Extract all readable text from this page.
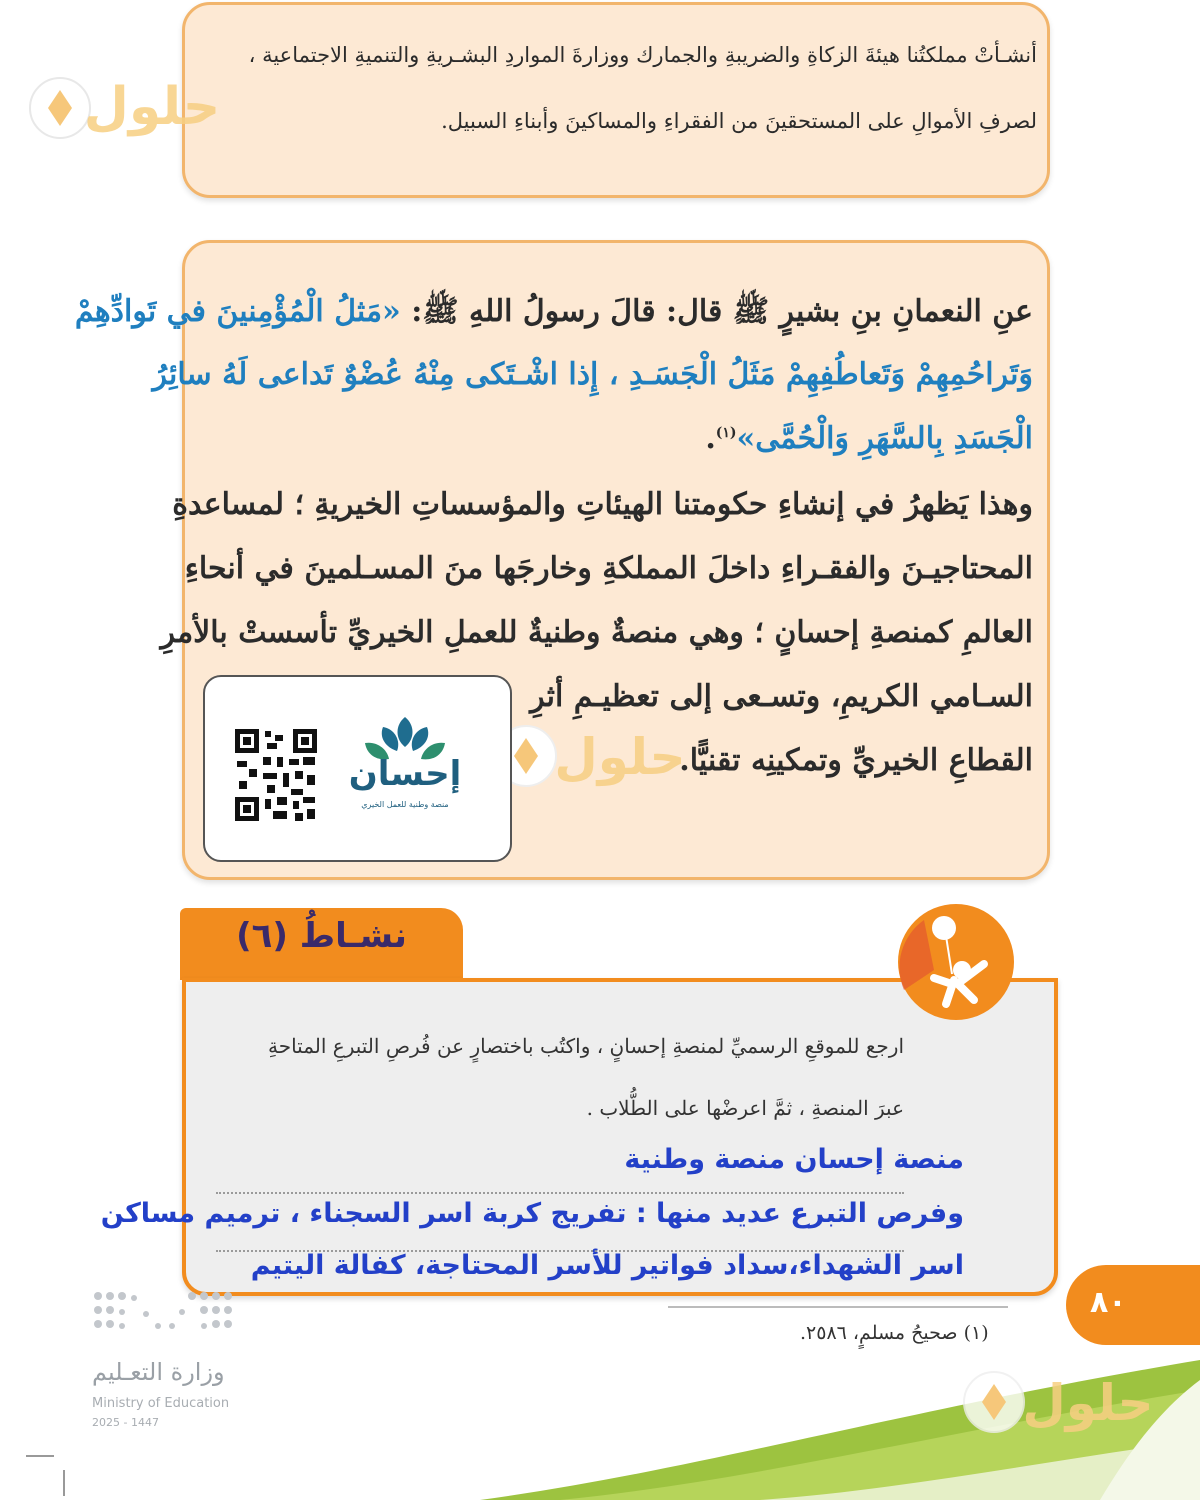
أنشـأتْ مملكتُنا هيئةَ الزكاةِ والضريبةِ والجمارك ووزارةَ المواردِ البشـريةِ والتنميةِ الاجتماعية ،

لصرفِ الأموالِ على المستحقينَ من الفقراءِ والمساكينَ وأبناءِ السبيل.

حلول
عنِ النعمانِ بنِ بشيرٍ ﷺ قال: قالَ رسولُ اللهِ ﷺ: «مَثلُ الْمُؤْمِنينَ في تَوادِّهِمْ
وَتَراحُمِهِمْ وَتَعاطُفِهِمْ مَثَلُ الْجَسَـدِ ، إِذا اشْـتَكى مِنْهُ عُضْوٌ تَداعى لَهُ سائِرُ
الْجَسَدِ بِالسَّهَرِ وَالْحُمَّى»$^{(١)}$.
وهذا يَظهرُ في إنشاءِ حكومتنا الهيئاتِ والمؤسساتِ الخيريةِ ؛ لمساعدةِ
المحتاجيـنَ والفقـراءِ داخلَ المملكةِ وخارجَها منَ المسـلمينَ في أنحاءِ
العالمِ كمنصةِ إحسانٍ ؛ وهي منصةٌ وطنيةٌ للعملِ الخيريِّ تأسستْ بالأمرِ
السـامي الكريمِ، وتسـعى إلى تعظيـمِ أثرِ
القطاعِ الخيريِّ وتمكينِه تقنيًّا.
حلول
إحسان
منصة وطنية للعمل الخيري
نشـاطُ (٦)
ارجع للموقعِ الرسميِّ لمنصةِ إحسانٍ ، واكتُب باختصارٍ عن فُرصِ التبرعِ المتاحةِ
عبرَ المنصةِ ، ثمَّ اعرضْها على الطُّلاب .
منصة إحسان منصة وطنية
وفرص التبرع عديد منها : تفريج كربة اسر السجناء ، ترميم مساكن
اسر الشهداء،سداد فواتير للأسر المحتاجة، كفالة اليتيم
٨٠
(١) صحيحُ مسلمٍ، ٢٥٨٦.
وزارة التعـليم
Ministry of Education
2025 - 1447	حلول
